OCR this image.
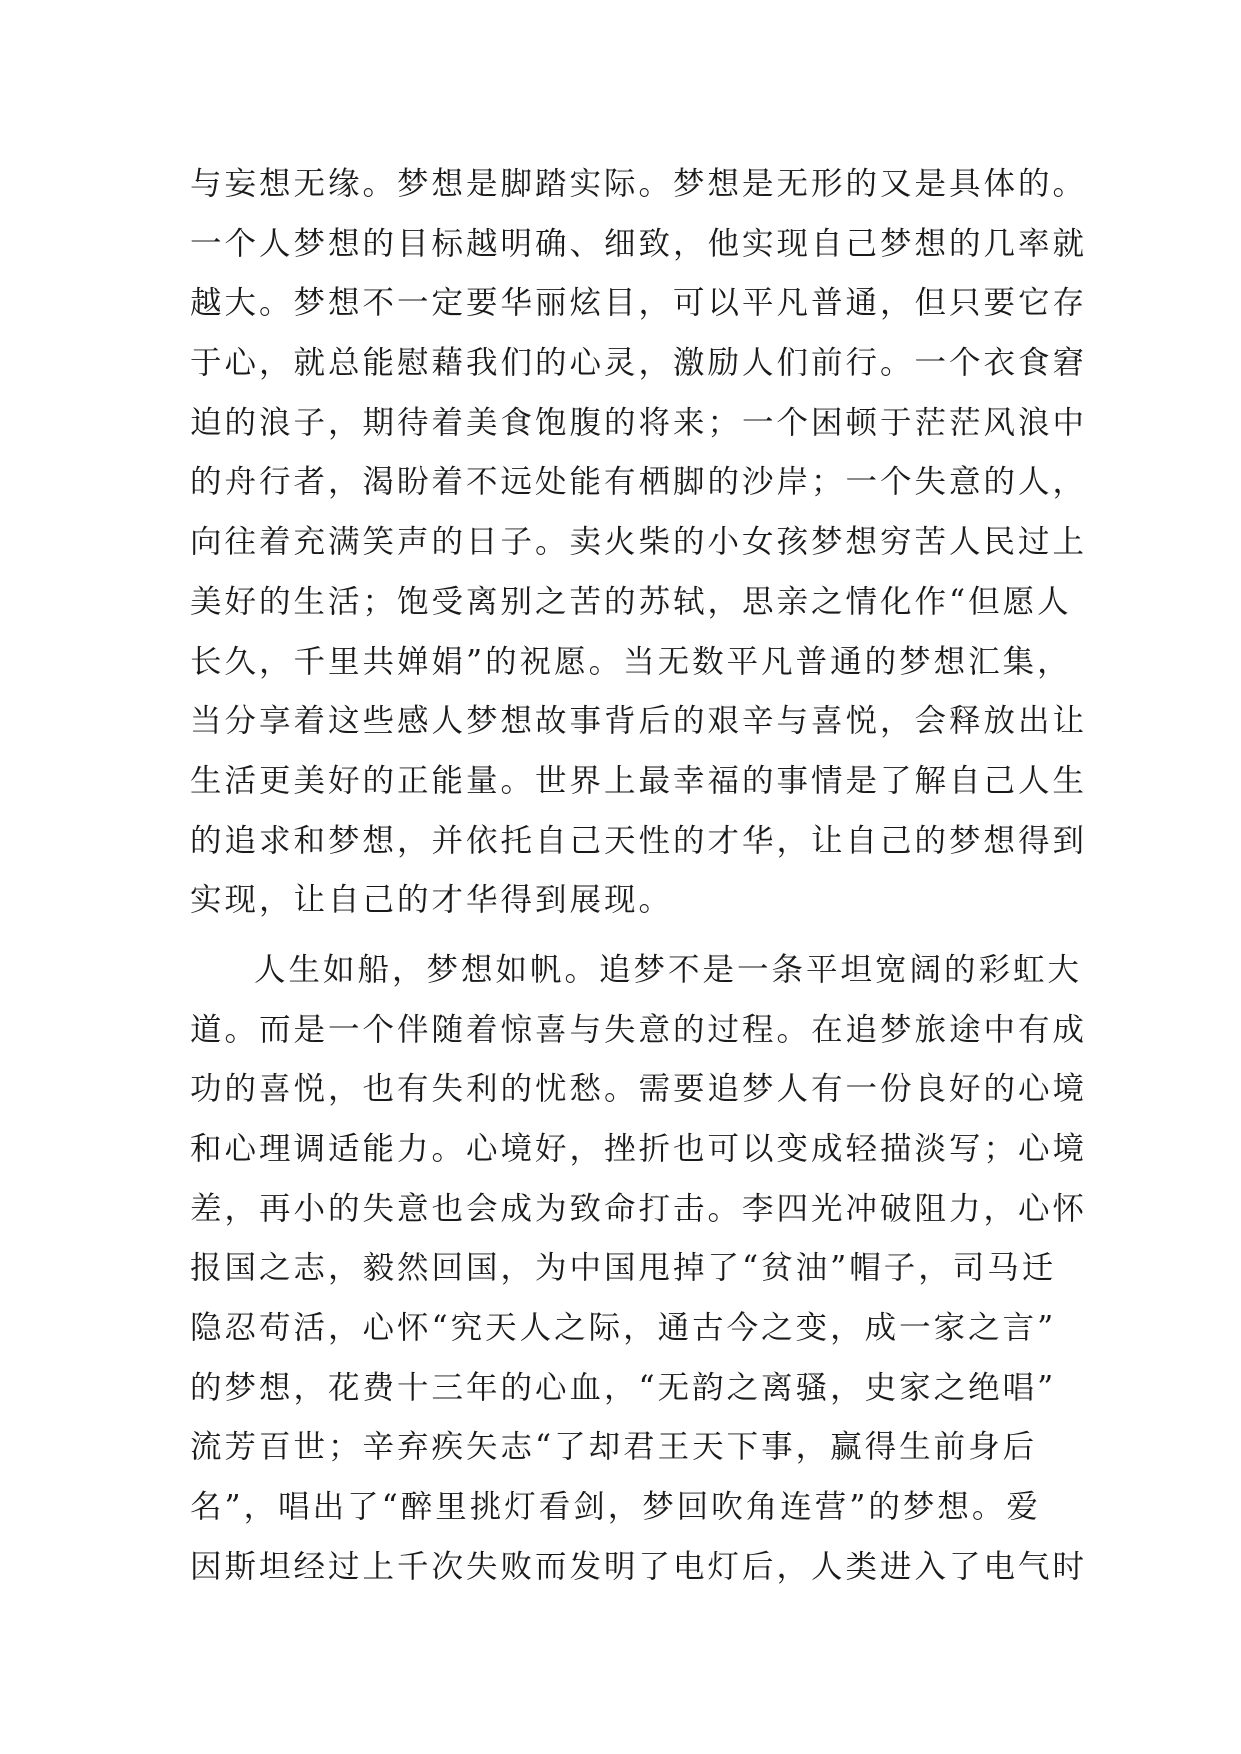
与妄想无缘。梦想是脚踏实际。梦想是无形的又是具体的。
一个人梦想的目标越明确、细致，他实现自己梦想的几率就
越大。梦想不一定要华丽炫目，可以平凡普通，但只要它存
于心，就总能慰藉我们的心灵，激励人们前行。一个衣食窘
迫的浪子，期待着美食饱腹的将来；一个困顿于茫茫风浪中
的舟行者，渴盼着不远处能有栖脚的沙岸；一个失意的人，
向往着充满笑声的日子。卖火柴的小女孩梦想穷苦人民过上
美好的生活；饱受离别之苦的苏轼，思亲之情化作“但愿人
长久，千里共婵娟”的祝愿。当无数平凡普通的梦想汇集，
当分享着这些感人梦想故事背后的艰辛与喜悦，会释放出让
生活更美好的正能量。世界上最幸福的事情是了解自己人生
的追求和梦想，并依托自己天性的才华，让自己的梦想得到
实现，让自己的才华得到展现。
人生如船，梦想如帆。追梦不是一条平坦宽阔的彩虹大
道。而是一个伴随着惊喜与失意的过程。在追梦旅途中有成
功的喜悦，也有失利的忧愁。需要追梦人有一份良好的心境
和心理调适能力。心境好，挫折也可以变成轻描淡写；心境
差，再小的失意也会成为致命打击。李四光冲破阻力，心怀
报国之志，毅然回国，为中国甩掉了“贫油”帽子，司马迁
隐忍苟活，心怀“究天人之际，通古今之变，成一家之言”
的梦想，花费十三年的心血，“无韵之离骚，史家之绝唱”
流芳百世；辛弃疾矢志“了却君王天下事，赢得生前身后
名”，唱出了“醉里挑灯看剑，梦回吹角连营”的梦想。爱
因斯坦经过上千次失败而发明了电灯后，人类进入了电气时
